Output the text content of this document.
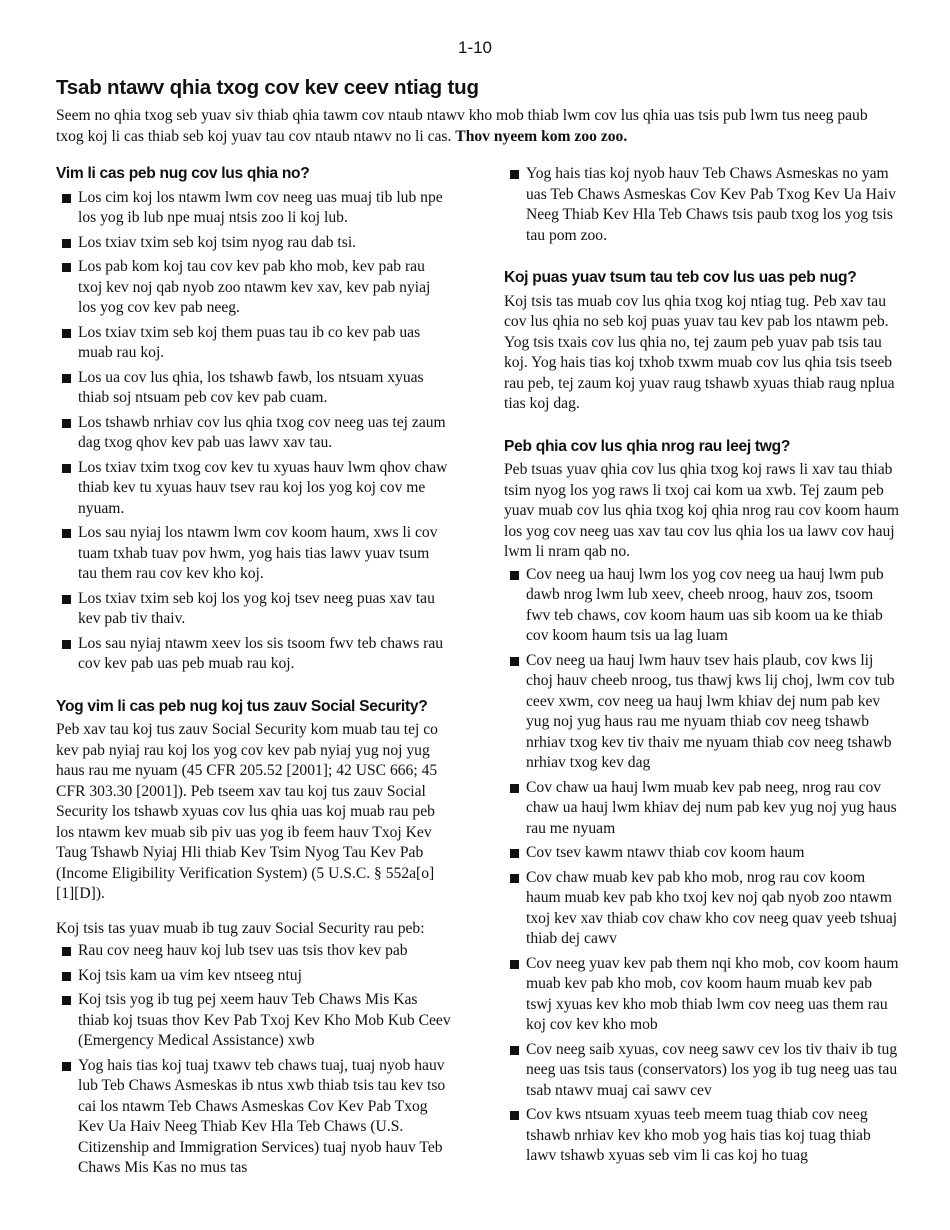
1-10
Tsab ntawv qhia txog cov kev ceev ntiag tug

Seem no qhia txog seb yuav siv thiab qhia tawm cov ntaub ntawv kho mob thiab lwm cov lus qhia uas tsis pub lwm tus neeg paub txog koj li cas thiab seb koj yuav tau cov ntaub ntawv no li cas. Thov nyeem kom zoo zoo.

Vim li cas peb nug cov lus qhia no?
Los cim koj los ntawm lwm cov neeg uas muaj tib lub npe los yog ib lub npe muaj ntsis zoo li koj lub.
Los txiav txim seb koj tsim nyog rau dab tsi.
Los pab kom koj tau cov kev pab kho mob, kev pab rau txoj kev noj qab nyob zoo ntawm kev xav, kev pab nyiaj los yog cov kev pab neeg.
Los txiav txim seb koj them puas tau ib co kev pab uas muab rau koj.
Los ua cov lus qhia, los tshawb fawb, los ntsuam xyuas thiab soj ntsuam peb cov kev pab cuam.
Los tshawb nrhiav cov lus qhia txog cov neeg uas tej zaum dag txog qhov kev pab uas lawv xav tau.
Los txiav txim txog cov kev tu xyuas hauv lwm qhov chaw thiab kev tu xyuas hauv tsev rau koj los yog koj cov me nyuam.
Los sau nyiaj los ntawm lwm cov koom haum, xws li cov tuam txhab tuav pov hwm, yog hais tias lawv yuav tsum tau them rau cov kev kho koj.
Los txiav txim seb koj los yog koj tsev neeg puas xav tau kev pab tiv thaiv.
Los sau nyiaj ntawm xeev los sis tsoom fwv teb chaws rau cov kev pab uas peb muab rau koj.
Yog vim li cas peb nug koj tus zauv Social Security?

Peb xav tau koj tus zauv Social Security kom muab tau tej co kev pab nyiaj rau koj los yog cov kev pab nyiaj yug noj yug haus rau me nyuam (45 CFR 205.52 [2001]; 42 USC 666; 45 CFR 303.30 [2001]). Peb tseem xav tau koj tus zauv Social Security los tshawb xyuas cov lus qhia uas koj muab rau peb los ntawm kev muab sib piv uas yog ib feem hauv Txoj Kev Taug Tshawb Nyiaj Hli thiab Kev Tsim Nyog Tau Kev Pab (Income Eligibility Verification System) (5 U.S.C. § 552a[o][1][D]).

Koj tsis tas yuav muab ib tug zauv Social Security rau peb:

Rau cov neeg hauv koj lub tsev uas tsis thov kev pab
Koj tsis kam ua vim kev ntseeg ntuj
Koj tsis yog ib tug pej xeem hauv Teb Chaws Mis Kas thiab koj tsuas thov Kev Pab Txoj Kev Kho Mob Kub Ceev (Emergency Medical Assistance) xwb
Yog hais tias koj tuaj txawv teb chaws tuaj, tuaj nyob hauv lub Teb Chaws Asmeskas ib ntus xwb thiab tsis tau kev tso cai los ntawm Teb Chaws Asmeskas Cov Kev Pab Txog Kev Ua Haiv Neeg Thiab Kev Hla Teb Chaws (U.S. Citizenship and Immigration Services) tuaj nyob hauv Teb Chaws Mis Kas no mus tas
Yog hais tias koj nyob hauv Teb Chaws Asmeskas no yam uas Teb Chaws Asmeskas Cov Kev Pab Txog Kev Ua Haiv Neeg Thiab Kev Hla Teb Chaws tsis paub txog los yog tsis tau pom zoo.
Koj puas yuav tsum tau teb cov lus uas peb nug?

Koj tsis tas muab cov lus qhia txog koj ntiag tug. Peb xav tau cov lus qhia no seb koj puas yuav tau kev pab los ntawm peb. Yog tsis txais cov lus qhia no, tej zaum peb yuav pab tsis tau koj. Yog hais tias koj txhob txwm muab cov lus qhia tsis tseeb rau peb, tej zaum koj yuav raug tshawb xyuas thiab raug nplua tias koj dag.

Peb qhia cov lus qhia nrog rau leej twg?

Peb tsuas yuav qhia cov lus qhia txog koj raws li xav tau thiab tsim nyog los yog raws li txoj cai kom ua xwb. Tej zaum peb yuav muab cov lus qhia txog koj qhia nrog rau cov koom haum los yog cov neeg uas xav tau cov lus qhia los ua lawv cov hauj lwm li nram qab no.

Cov neeg ua hauj lwm los yog cov neeg ua hauj lwm pub dawb nrog lwm lub xeev, cheeb nroog, hauv zos, tsoom fwv teb chaws, cov koom haum uas sib koom ua ke thiab cov koom haum tsis ua lag luam
Cov neeg ua hauj lwm hauv tsev hais plaub, cov kws lij choj hauv cheeb nroog, tus thawj kws lij choj, lwm cov tub ceev xwm, cov neeg ua hauj lwm khiav dej num pab kev yug noj yug haus rau me nyuam thiab cov neeg tshawb nrhiav txog kev tiv thaiv me nyuam thiab cov neeg tshawb nrhiav txog kev dag
Cov chaw ua hauj lwm muab kev pab neeg, nrog rau cov chaw ua hauj lwm khiav dej num pab kev yug noj yug haus rau me nyuam
Cov tsev kawm ntawv thiab cov koom haum
Cov chaw muab kev pab kho mob, nrog rau cov koom haum muab kev pab kho txoj kev noj qab nyob zoo ntawm txoj kev xav thiab cov chaw kho cov neeg quav yeeb tshuaj thiab dej cawv
Cov neeg yuav kev pab them nqi kho mob, cov koom haum muab kev pab kho mob, cov koom haum muab kev pab tswj xyuas kev kho mob thiab lwm cov neeg uas them rau koj cov kev kho mob
Cov neeg saib xyuas, cov neeg sawv cev los tiv thaiv ib tug neeg uas tsis taus (conservators) los yog ib tug neeg uas tau tsab ntawv muaj cai sawv cev
Cov kws ntsuam xyuas teeb meem tuag thiab cov neeg tshawb nrhiav kev kho mob yog hais tias koj tuag thiab lawv tshawb xyuas seb vim li cas koj ho tuag
